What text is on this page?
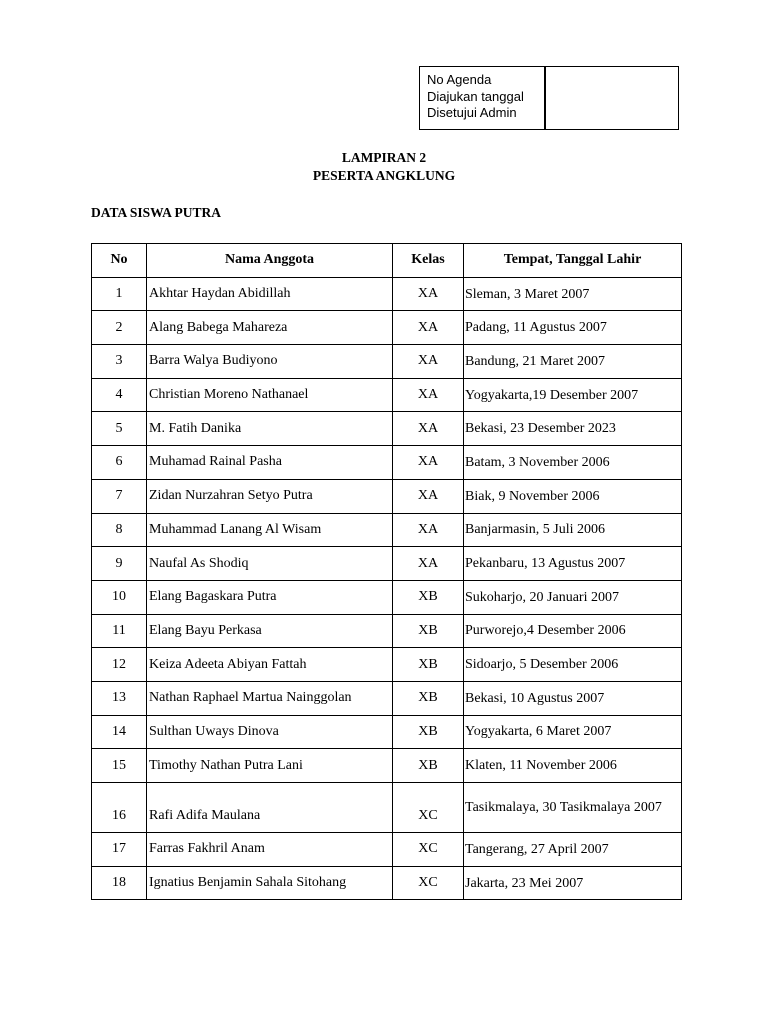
No Agenda
Diajukan tanggal
Disetujui Admin
LAMPIRAN 2
PESERTA ANGKLUNG
DATA SISWA PUTRA
No	Nama Anggota	Kelas	Tempat, Tanggal Lahir
1	Akhtar Haydan Abidillah	XA	Sleman, 3 Maret 2007
2	Alang Babega Mahareza	XA	Padang, 11 Agustus 2007
3	Barra Walya Budiyono	XA	Bandung, 21 Maret 2007
4	Christian Moreno Nathanael	XA	Yogyakarta,19 Desember 2007
5	M. Fatih Danika	XA	Bekasi, 23 Desember 2023
6	Muhamad Rainal Pasha	XA	Batam, 3 November 2006
7	Zidan Nurzahran Setyo Putra	XA	Biak, 9 November 2006
8	Muhammad Lanang Al Wisam	XA	Banjarmasin, 5 Juli 2006
9	Naufal As Shodiq	XA	Pekanbaru, 13 Agustus 2007
10	Elang Bagaskara Putra	XB	Sukoharjo, 20 Januari 2007
11	Elang Bayu Perkasa	XB	Purworejo,4 Desember 2006
12	Keiza Adeeta Abiyan Fattah	XB	Sidoarjo, 5 Desember 2006
13	Nathan Raphael Martua Nainggolan	XB	Bekasi, 10 Agustus 2007
14	Sulthan Uways Dinova	XB	Yogyakarta, 6 Maret 2007
15	Timothy Nathan Putra Lani	XB	Klaten, 11 November 2006
16	Rafi Adifa Maulana	XC	Tasikmalaya, 30 Tasikmalaya 2007
17	Farras Fakhril Anam	XC	Tangerang, 27 April 2007
18	Ignatius Benjamin Sahala Sitohang	XC	Jakarta, 23 Mei 2007
